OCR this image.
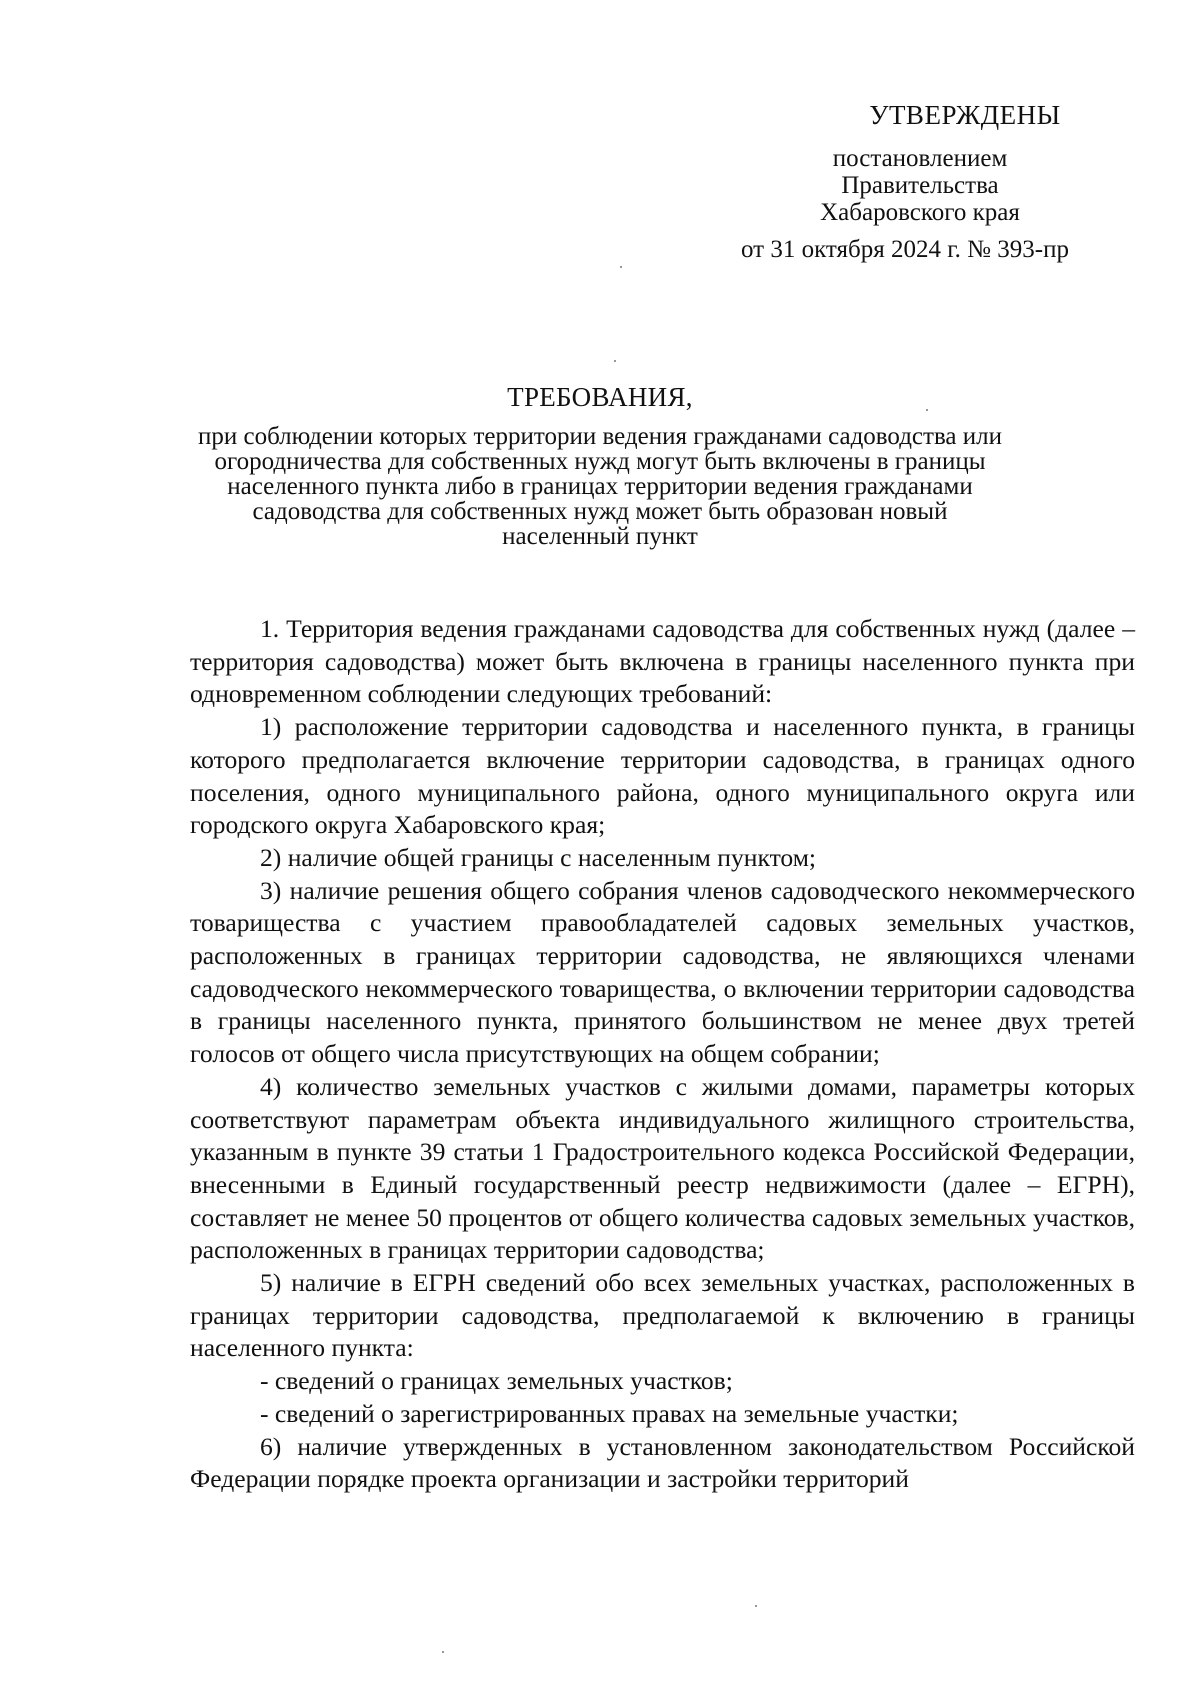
УТВЕРЖДЕНЫ
постановлением
Правительства
Хабаровского края
от 31 октября 2024 г. № 393-пр
ТРЕБОВАНИЯ,
при соблюдении которых территории ведения гражданами садоводства или огородничества для собственных нужд могут быть включены в границы населенного пункта либо в границах территории ведения гражданами садоводства для собственных нужд может быть образован новый населенный пункт

1. Территория ведения гражданами садоводства для собственных нужд (далее – территория садоводства) может быть включена в границы населенного пункта при одновременном соблюдении следующих требований:

1) расположение территории садоводства и населенного пункта, в границы которого предполагается включение территории садоводства, в границах одного поселения, одного муниципального района, одного муниципального округа или городского округа Хабаровского края;

2) наличие общей границы с населенным пунктом;

3) наличие решения общего собрания членов садоводческого некоммерческого товарищества с участием правообладателей садовых земельных участков, расположенных в границах территории садоводства, не являющихся членами садоводческого некоммерческого товарищества, о включении территории садоводства в границы населенного пункта, принятого большинством не менее двух третей голосов от общего числа присутствующих на общем собрании;

4) количество земельных участков с жилыми домами, параметры которых соответствуют параметрам объекта индивидуального жилищного строительства, указанным в пункте 39 статьи 1 Градостроительного кодекса Российской Федерации, внесенными в Единый государственный реестр недвижимости (далее – ЕГРН), составляет не менее 50 процентов от общего количества садовых земельных участков, расположенных в границах территории садоводства;

5) наличие в ЕГРН сведений обо всех земельных участках, расположенных в границах территории садоводства, предполагаемой к включению в границы населенного пункта:

- сведений о границах земельных участков;

- сведений о зарегистрированных правах на земельные участки;

6) наличие утвержденных в установленном законодательством Российской Федерации порядке проекта организации и застройки территорий
